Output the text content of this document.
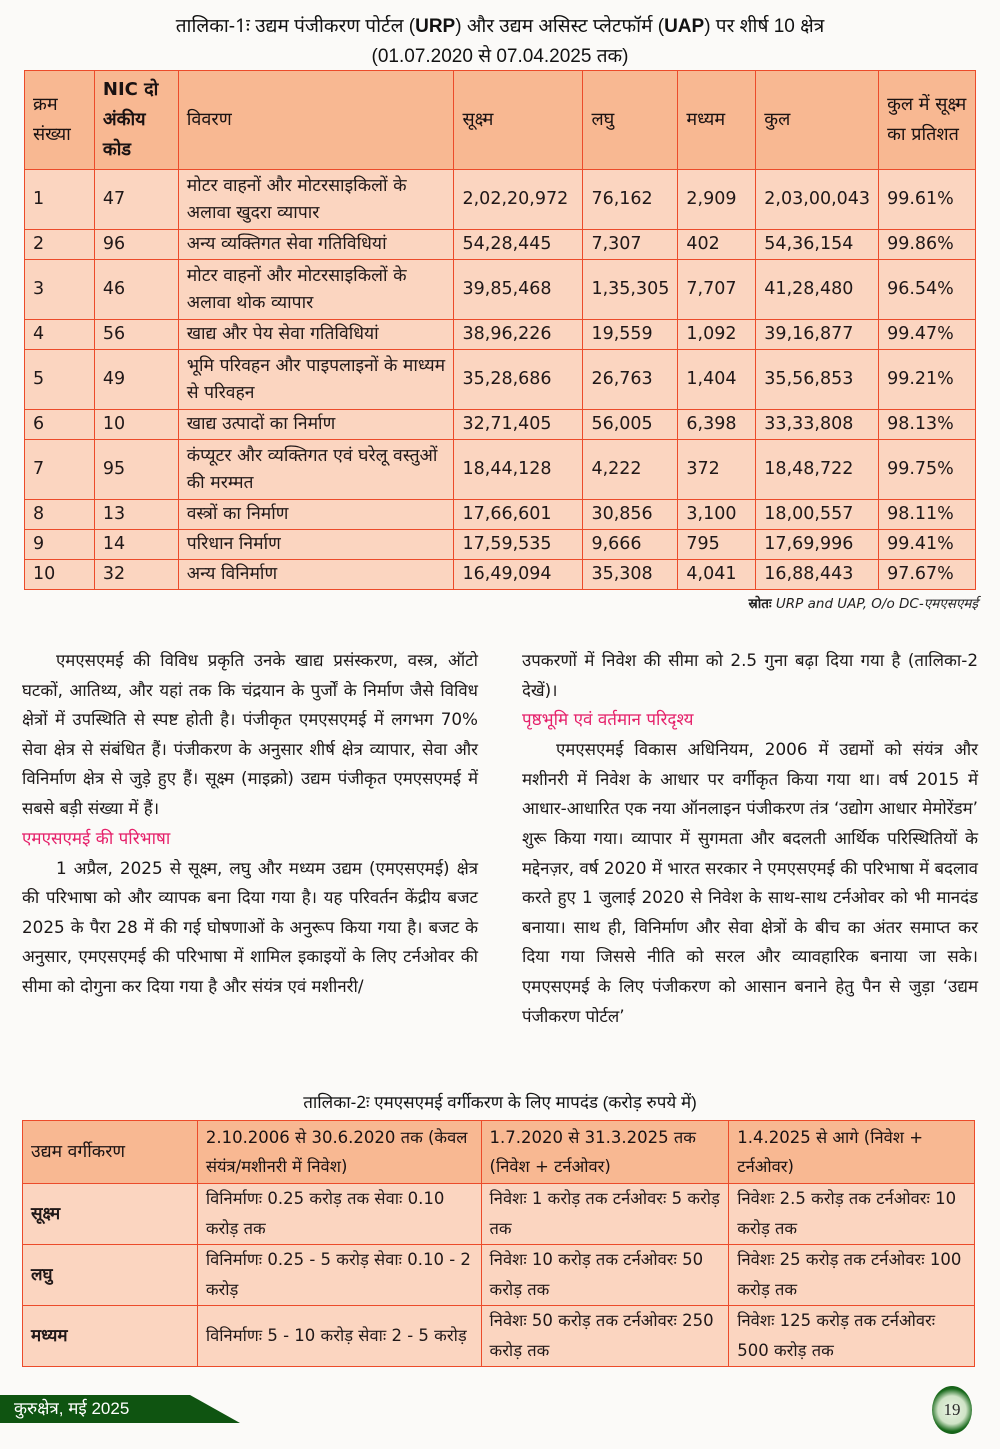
तालिका-1ः उद्यम पंजीकरण पोर्टल (URP) और उद्यम असिस्ट प्लेटफॉर्म (UAP) पर शीर्ष 10 क्षेत्र
(01.07.2020 से 07.04.2025 तक)
क्रम संख्या	NIC दो अंकीय कोड	विवरण	सूक्ष्म	लघु	मध्यम	कुल	कुल में सूक्ष्म का प्रतिशत
1	47	मोटर वाहनों और मोटरसाइकिलों के अलावा खुदरा व्यापार	2,02,20,972	76,162	2,909	2,03,00,043	99.61%
2	96	अन्य व्यक्तिगत सेवा गतिविधियां	54,28,445	7,307	402	54,36,154	99.86%
3	46	मोटर वाहनों और मोटरसाइकिलों के अलावा थोक व्यापार	39,85,468	1,35,305	7,707	41,28,480	96.54%
4	56	खाद्य और पेय सेवा गतिविधियां	38,96,226	19,559	1,092	39,16,877	99.47%
5	49	भूमि परिवहन और पाइपलाइनों के माध्यम से परिवहन	35,28,686	26,763	1,404	35,56,853	99.21%
6	10	खाद्य उत्पादों का निर्माण	32,71,405	56,005	6,398	33,33,808	98.13%
7	95	कंप्यूटर और व्यक्तिगत एवं घरेलू वस्तुओं की मरम्मत	18,44,128	4,222	372	18,48,722	99.75%
8	13	वस्त्रों का निर्माण	17,66,601	30,856	3,100	18,00,557	98.11%
9	14	परिधान निर्माण	17,59,535	9,666	795	17,69,996	99.41%
10	32	अन्य विनिर्माण	16,49,094	35,308	4,041	16,88,443	97.67%
स्रोतः URP and UAP, O/o DC-एमएसएमई

एमएसएमई की विविध प्रकृति उनके खाद्य प्रसंस्करण, वस्त्र, ऑटो घटकों, आतिथ्य, और यहां तक कि चंद्रयान के पुर्जों के निर्माण जैसे विविध क्षेत्रों में उपस्थिति से स्पष्ट होती है। पंजीकृत एमएसएमई में लगभग 70% सेवा क्षेत्र से संबंधित हैं। पंजीकरण के अनुसार शीर्ष क्षेत्र व्यापार, सेवा और विनिर्माण क्षेत्र से जुड़े हुए हैं। सूक्ष्म (माइक्रो) उद्यम पंजीकृत एमएसएमई में सबसे बड़ी संख्या में हैं।

एमएसएमई की परिभाषा

1 अप्रैल, 2025 से सूक्ष्म, लघु और मध्यम उद्यम (एमएसएमई) क्षेत्र की परिभाषा को और व्यापक बना दिया गया है। यह परिवर्तन केंद्रीय बजट 2025 के पैरा 28 में की गई घोषणाओं के अनुरूप किया गया है। बजट के अनुसार, एमएसएमई की परिभाषा में शामिल इकाइयों के लिए टर्नओवर की सीमा को दोगुना कर दिया गया है और संयंत्र एवं मशीनरी/

उपकरणों में निवेश की सीमा को 2.5 गुना बढ़ा दिया गया है (तालिका-2 देखें)।

पृष्ठभूमि एवं वर्तमान परिदृश्य

एमएसएमई विकास अधिनियम, 2006 में उद्यमों को संयंत्र और मशीनरी में निवेश के आधार पर वर्गीकृत किया गया था। वर्ष 2015 में आधार-आधारित एक नया ऑनलाइन पंजीकरण तंत्र ‘उद्योग आधार मेमोरेंडम’ शुरू किया गया। व्यापार में सुगमता और बदलती आर्थिक परिस्थितियों के मद्देनज़र, वर्ष 2020 में भारत सरकार ने एमएसएमई की परिभाषा में बदलाव करते हुए 1 जुलाई 2020 से निवेश के साथ-साथ टर्नओवर को भी मानदंड बनाया। साथ ही, विनिर्माण और सेवा क्षेत्रों के बीच का अंतर समाप्त कर दिया गया जिससे नीति को सरल और व्यावहारिक बनाया जा सके। एमएसएमई के लिए पंजीकरण को आसान बनाने हेतु पैन से जुड़ा ‘उद्यम पंजीकरण पोर्टल’

तालिका-2ः एमएसएमई वर्गीकरण के लिए मापदंड (करोड़ रुपये में)
उद्यम वर्गीकरण	2.10.2006 से 30.6.2020 तक (केवल संयंत्र/मशीनरी में निवेश)	1.7.2020 से 31.3.2025 तक (निवेश + टर्नओवर)	1.4.2025 से आगे (निवेश + टर्नओवर)
सूक्ष्म	विनिर्माणः 0.25 करोड़ तक सेवाः 0.10 करोड़ तक	निवेशः 1 करोड़ तक टर्नओवरः 5 करोड़ तक	निवेशः 2.5 करोड़ तक टर्नओवरः 10 करोड़ तक
लघु	विनिर्माणः 0.25 - 5 करोड़ सेवाः 0.10 - 2 करोड़	निवेशः 10 करोड़ तक टर्नओवरः 50 करोड़ तक	निवेशः 25 करोड़ तक टर्नओवरः 100 करोड़ तक
मध्यम	विनिर्माणः 5 - 10 करोड़ सेवाः 2 - 5 करोड़	निवेशः 50 करोड़ तक टर्नओवरः 250 करोड़ तक	निवेशः 125 करोड़ तक टर्नओवरः 500 करोड़ तक
कुरुक्षेत्र, मई 2025	19
